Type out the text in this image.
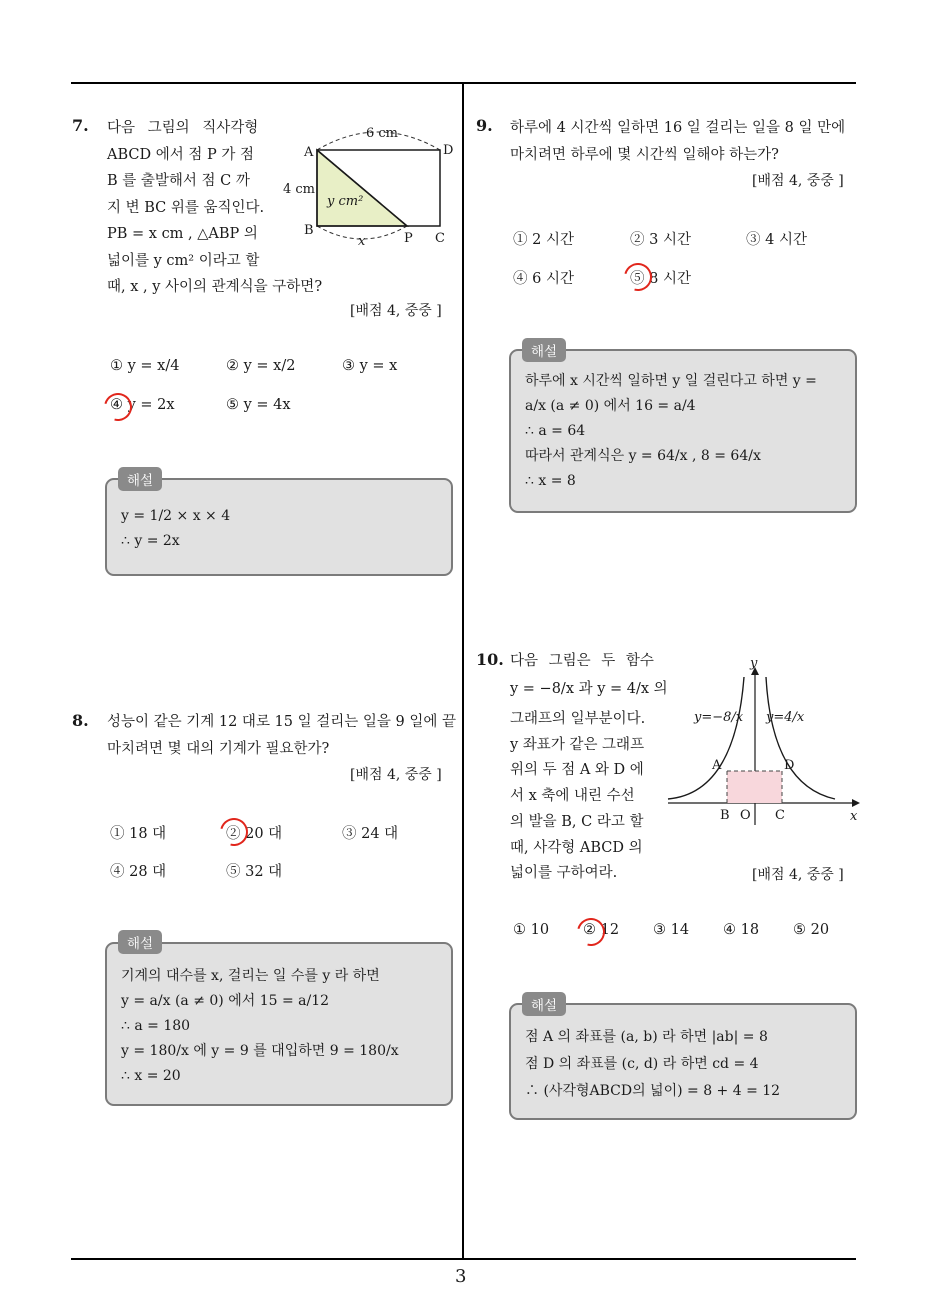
3
7. 다음 그림의 직사각형
ABCD 에서 점 P 가 점
B 를 출발해서 점 C 까
지 변 BC 위를 움직인다.
PB = x cm , △ABP 의
넓이를 y cm² 이라고 할
때, x , y 사이의 관계식을 구하면?
6 cm
4 cm
y cm²
x
A	D
B
P C
[배점 4, 중중 ]
① y = x/4	② y = x/2	③ y = x
④ y = 2x	⑤ y = 4x
y = 1/2 × x × 4
∴ y = 2x
해설
8. 성능이 같은 기계 12 대로 15 일 걸리는 일을 9 일에 끝
마치려면 몇 대의 기계가 필요한가?
[배점 4, 중중 ]
① 18 대	② 20 대	③ 24 대
④ 28 대	⑤ 32 대
기계의 대수를 x, 걸리는 일 수를 y 라 하면
y = a/x (a ≠ 0) 에서 15 = a/12
∴ a = 180
y = 180/x 에 y = 9 를 대입하면 9 = 180/x
∴ x = 20
해설
9. 하루에 4 시간씩 일하면 16 일 걸리는 일을 8 일 만에
마치려면 하루에 몇 시간씩 일해야 하는가?
[배점 4, 중중 ]
① 2 시간	② 3 시간	③ 4 시간
④ 6 시간	⑤ 8 시간
하루에 x 시간씩 일하면 y 일 걸린다고 하면 y =
a/x (a ≠ 0) 에서 16 = a/4
∴ a = 64
따라서 관계식은 y = 64/x , 8 = 64/x
∴ x = 8
해설
10. 다음 그림은 두 함수
y = −8/x 과 y = 4/x 의
그래프의 일부분이다.
y 좌표가 같은 그래프
위의 두 점 A 와 D 에
서 x 축에 내린 수선
의 발을 B, C 라고 할
때, 사각형 ABCD 의
넓이를 구하여라.
y
x
y=−8/x y=4/x
A	D
B O C
[배점 4, 중중 ]
① 10 ② 12 ③ 14 ④ 18 ⑤ 20
점 A 의 좌표를 (a, b) 라 하면 |ab| = 8
점 D 의 좌표를 (c, d) 라 하면 cd = 4
∴ (사각형ABCD의 넓이) = 8 + 4 = 12
해설
